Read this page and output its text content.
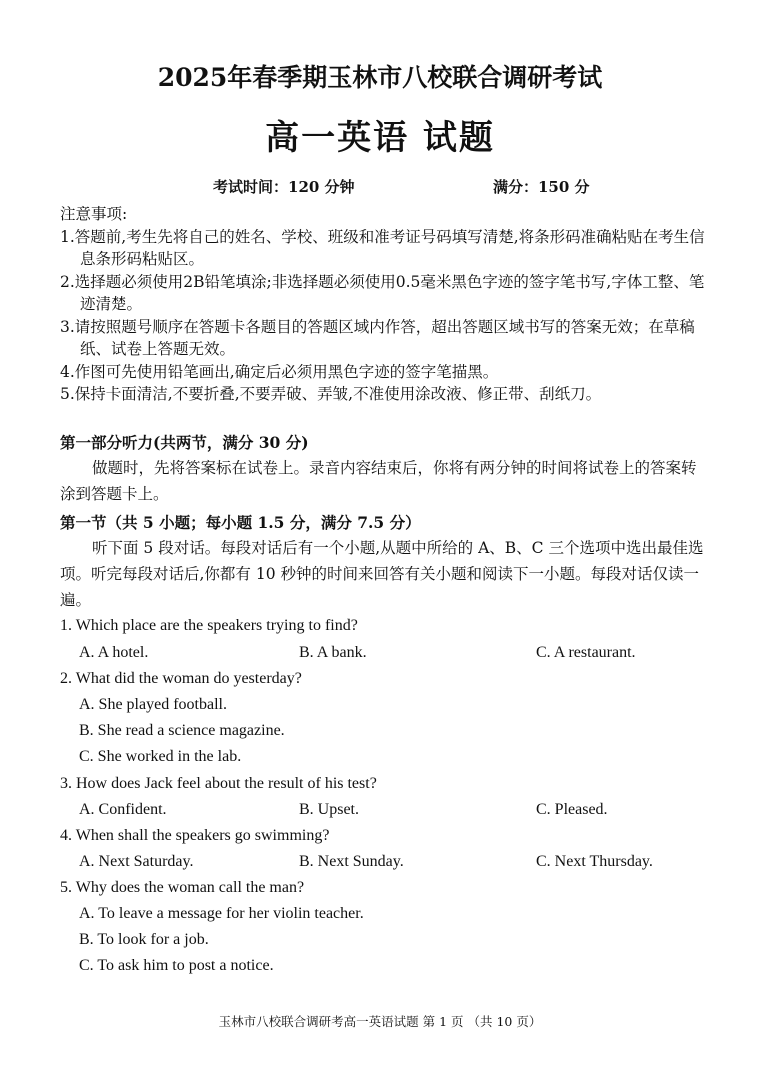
2025年春季期玉林市八校联合调研考试
高一英语 试题
考试时间：120 分钟	满分：150 分

注意事项:

1.答题前,考生先将自己的姓名、学校、班级和准考证号码填写清楚,将条形码准确粘贴在考生信息条形码粘贴区。

2.选择题必须使用2B铅笔填涂;非选择题必须使用0.5毫米黑色字迹的签字笔书写,字体工整、笔迹清楚。

3.请按照题号顺序在答题卡各题目的答题区域内作答，超出答题区域书写的答案无效；在草稿纸、试卷上答题无效。

4.作图可先使用铅笔画出,确定后必须用黑色字迹的签字笔描黑。

5.保持卡面清洁,不要折叠,不要弄破、弄皱,不准使用涂改液、修正带、刮纸刀。

第一部分听力(共两节，满分 30 分)
做题时，先将答案标在试卷上。录音内容结束后，你将有两分钟的时间将试卷上的答案转涂到答题卡上。
第一节（共 5 小题；每小题 1.5 分，满分 7.5 分）
听下面 5 段对话。每段对话后有一个小题,从题中所给的 A、B、C 三个选项中选出最佳选项。听完每段对话后,你都有 10 秒钟的时间来回答有关小题和阅读下一小题。每段对话仅读一遍。
1. Which place are the speakers trying to find?
A. A hotel.	B. A bank.	C. A restaurant.
2. What did the woman do yesterday?
A. She played football.
B. She read a science magazine.
C. She worked in the lab.
3. How does Jack feel about the result of his test?
A. Confident.	B. Upset.	C. Pleased.
4. When shall the speakers go swimming?
A. Next Saturday.	B. Next Sunday.	C. Next Thursday.
5. Why does the woman call the man?
A. To leave a message for her violin teacher.
B. To look for a job.
C. To ask him to post a notice.
玉林市八校联合调研考高一英语试题 第 1 页 （共 10 页）
